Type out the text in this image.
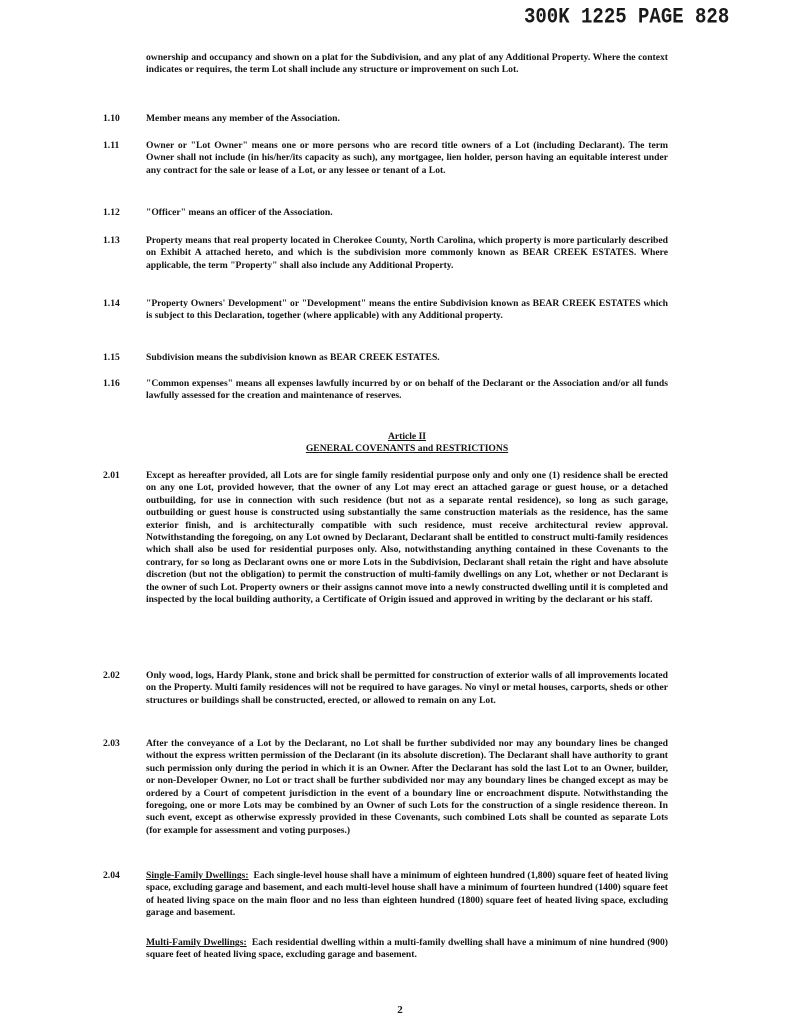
300K 1225 PAGE 828

ownership and occupancy and shown on a plat for the Subdivision, and any plat of any Additional Property. Where the context indicates or requires, the term Lot shall include any structure or improvement on such Lot.

1.10	Member means any member of the Association.

1.11	Owner or "Lot Owner" means one or more persons who are record title owners of a Lot (including Declarant). The term Owner shall not include (in his/her/its capacity as such), any mortgagee, lien holder, person having an equitable interest under any contract for the sale or lease of a Lot, or any lessee or tenant of a Lot.

1.12	"Officer" means an officer of the Association.

1.13	Property means that real property located in Cherokee County, North Carolina, which property is more particularly described on Exhibit A attached hereto, and which is the subdivision more commonly known as BEAR CREEK ESTATES. Where applicable, the term "Property" shall also include any Additional Property.

1.14	"Property Owners' Development" or "Development" means the entire Subdivision known as BEAR CREEK ESTATES which is subject to this Declaration, together (where applicable) with any Additional property.

1.15	Subdivision means the subdivision known as BEAR CREEK ESTATES.

1.16	"Common expenses" means all expenses lawfully incurred by or on behalf of the Declarant or the Association and/or all funds lawfully assessed for the creation and maintenance of reserves.

Article II
GENERAL COVENANTS and RESTRICTIONS
2.01	Except as hereafter provided, all Lots are for single family residential purpose only and only one (1) residence shall be erected on any one Lot, provided however, that the owner of any Lot may erect an attached garage or guest house, or a detached outbuilding, for use in connection with such residence (but not as a separate rental residence), so long as such garage, outbuilding or guest house is constructed using substantially the same construction materials as the residence, has the same exterior finish, and is architecturally compatible with such residence, must receive architectural review approval. Notwithstanding the foregoing, on any Lot owned by Declarant, Declarant shall be entitled to construct multi-family residences which shall also be used for residential purposes only. Also, notwithstanding anything contained in these Covenants to the contrary, for so long as Declarant owns one or more Lots in the Subdivision, Declarant shall retain the right and have absolute discretion (but not the obligation) to permit the construction of multi-family dwellings on any Lot, whether or not Declarant is the owner of such Lot. Property owners or their assigns cannot move into a newly constructed dwelling until it is completed and inspected by the local building authority, a Certificate of Origin issued and approved in writing by the declarant or his staff.

2.02	Only wood, logs, Hardy Plank, stone and brick shall be permitted for construction of exterior walls of all improvements located on the Property. Multi family residences will not be required to have garages. No vinyl or metal houses, carports, sheds or other structures or buildings shall be constructed, erected, or allowed to remain on any Lot.

2.03	After the conveyance of a Lot by the Declarant, no Lot shall be further subdivided nor may any boundary lines be changed without the express written permission of the Declarant (in its absolute discretion). The Declarant shall have authority to grant such permission only during the period in which it is an Owner. After the Declarant has sold the last Lot to an Owner, builder, or non-Developer Owner, no Lot or tract shall be further subdivided nor may any boundary lines be changed except as may be ordered by a Court of competent jurisdiction in the event of a boundary line or encroachment dispute. Notwithstanding the foregoing, one or more Lots may be combined by an Owner of such Lots for the construction of a single residence thereon. In such event, except as otherwise expressly provided in these Covenants, such combined Lots shall be counted as separate Lots (for example for assessment and voting purposes.)

2.04	Single-Family Dwellings: Each single-level house shall have a minimum of eighteen hundred (1,800) square feet of heated living space, excluding garage and basement, and each multi-level house shall have a minimum of fourteen hundred (1400) square feet of heated living space on the main floor and no less than eighteen hundred (1800) square feet of heated living space, excluding garage and basement.

Multi-Family Dwellings: Each residential dwelling within a multi-family dwelling shall have a minimum of nine hundred (900) square feet of heated living space, excluding garage and basement.

2
